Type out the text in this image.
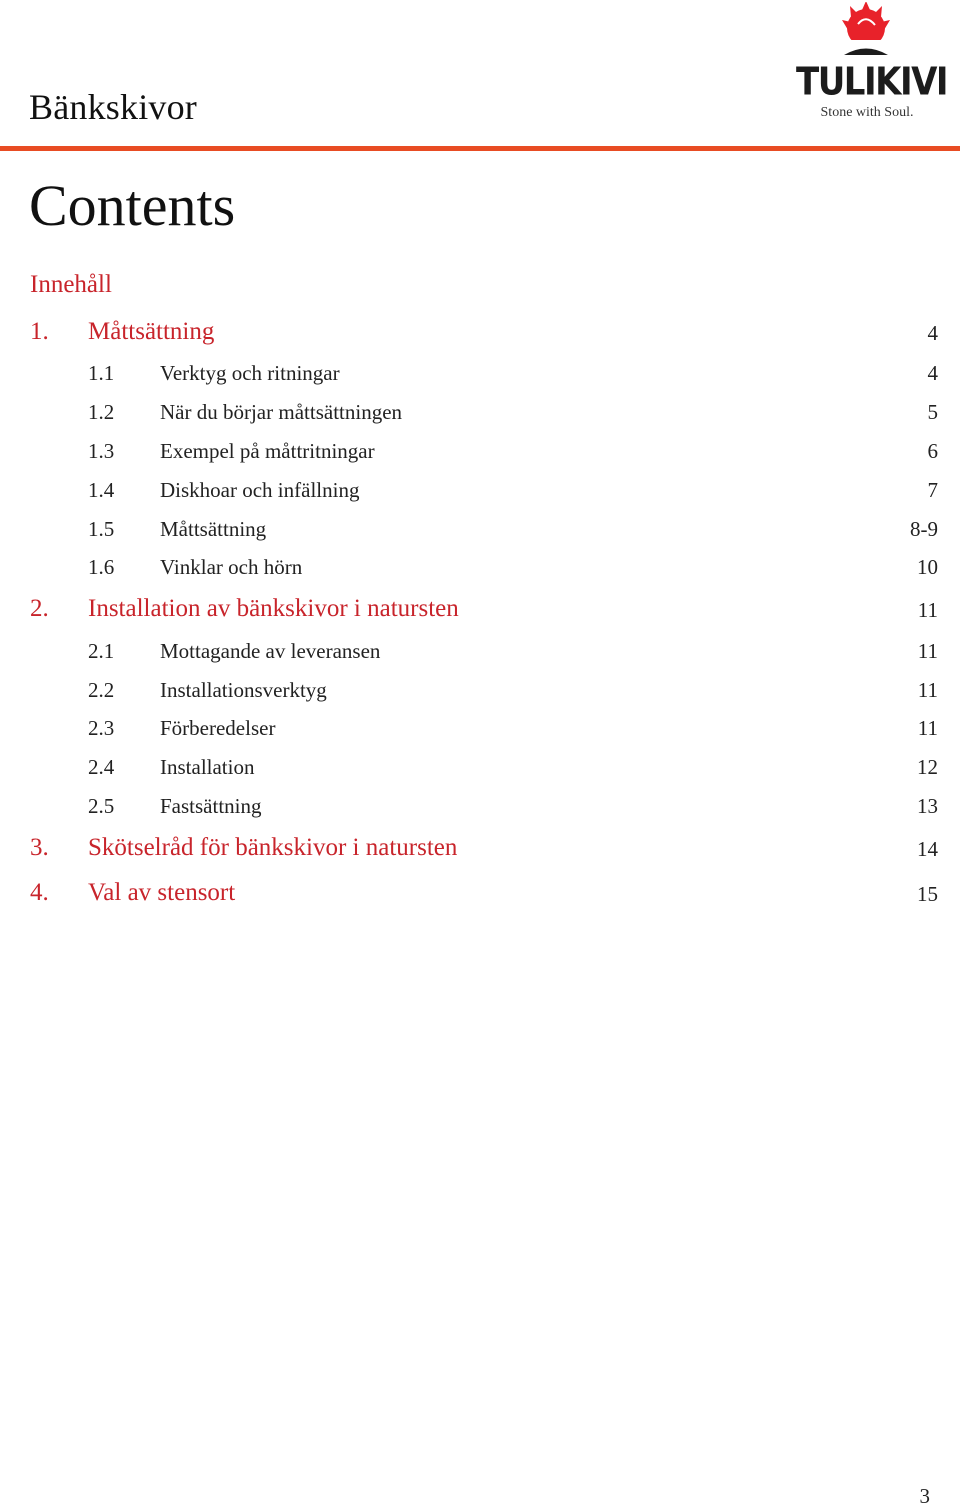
Bänkskivor
TULIKIVI
Stone with Soul.
Contents
Innehåll
1. Måttsättning	4
1.1 Verktyg och ritningar	4
1.2 När du börjar måttsättningen	5
1.3 Exempel på måttritningar	6
1.4 Diskhoar och infällning	7
1.5 Måttsättning	8-9
1.6 Vinklar och hörn	10
2. Installation av bänkskivor i natursten	11
2.1 Mottagande av leveransen	11
2.2 Installationsverktyg	11
2.3 Förberedelser	11
2.4 Installation	12
2.5 Fastsättning	13
3. Skötselråd för bänkskivor i natursten	14
4. Val av stensort	15
3
